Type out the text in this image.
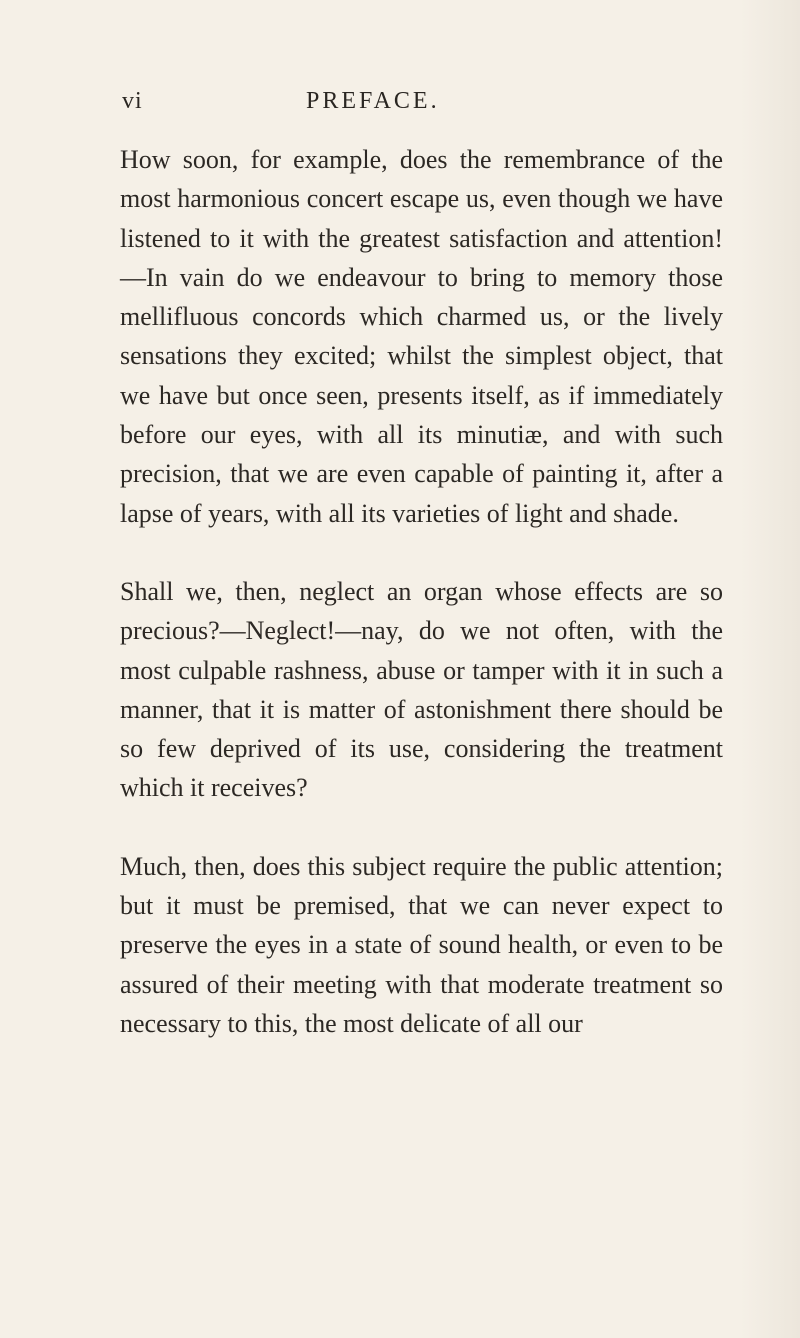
vi	PREFACE.

How soon, for example, does the remembrance of the most harmonious concert escape us, even though we have listened to it with the greatest satisfaction and attention!—In vain do we endeavour to bring to memory those mellifluous concords which charmed us, or the lively sensations they excited; whilst the simplest object, that we have but once seen, presents itself, as if immediately before our eyes, with all its minutiæ, and with such precision, that we are even capable of painting it, after a lapse of years, with all its varieties of light and shade.

Shall we, then, neglect an organ whose effects are so precious?—Neglect!—nay, do we not often, with the most culpable rashness, abuse or tamper with it in such a manner, that it is matter of astonishment there should be so few deprived of its use, considering the treatment which it receives?

Much, then, does this subject require the public attention; but it must be premised, that we can never expect to preserve the eyes in a state of sound health, or even to be assured of their meeting with that moderate treatment so necessary to this, the most delicate of all our
